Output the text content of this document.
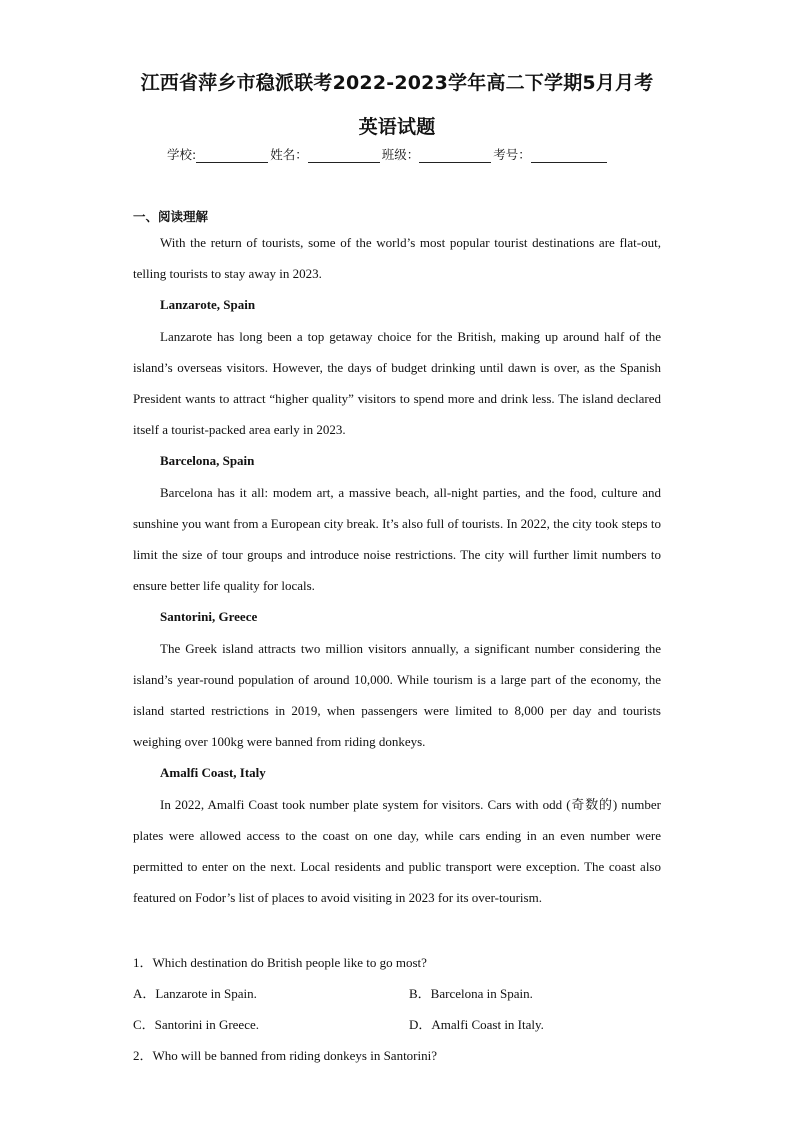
江西省萍乡市稳派联考2022-2023学年高二下学期5月月考
英语试题
学校:	姓名：	班级：	考号：
一、阅读理解

With the return of tourists, some of the world’s most popular tourist destinations are flat-out, telling tourists to stay away in 2023.

Lanzarote, Spain

Lanzarote has long been a top getaway choice for the British, making up around half of the island’s overseas visitors. However, the days of budget drinking until dawn is over, as the Spanish President wants to attract “higher quality” visitors to spend more and drink less. The island declared itself a tourist-packed area early in 2023.

Barcelona, Spain

Barcelona has it all: modem art, a massive beach, all-night parties, and the food, culture and sunshine you want from a European city break. It’s also full of tourists. In 2022, the city took steps to limit the size of tour groups and introduce noise restrictions. The city will further limit numbers to ensure better life quality for locals.

Santorini, Greece

The Greek island attracts two million visitors annually, a significant number considering the island’s year-round population of around 10,000. While tourism is a large part of the economy, the island started restrictions in 2019, when passengers were limited to 8,000 per day and tourists weighing over 100kg were banned from riding donkeys.

Amalfi Coast, Italy

In 2022, Amalfi Coast took number plate system for visitors. Cars with odd (奇数的) number plates were allowed access to the coast on one day, while cars ending in an even number were permitted to enter on the next. Local residents and public transport were exception. The coast also featured on Fodor’s list of places to avoid visiting in 2023 for its over-tourism.

1．Which destination do British people like to go most?
A．Lanzarote in Spain.	B．Barcelona in Spain.
C．Santorini in Greece.	D．Amalfi Coast in Italy.
2．Who will be banned from riding donkeys in Santorini?
